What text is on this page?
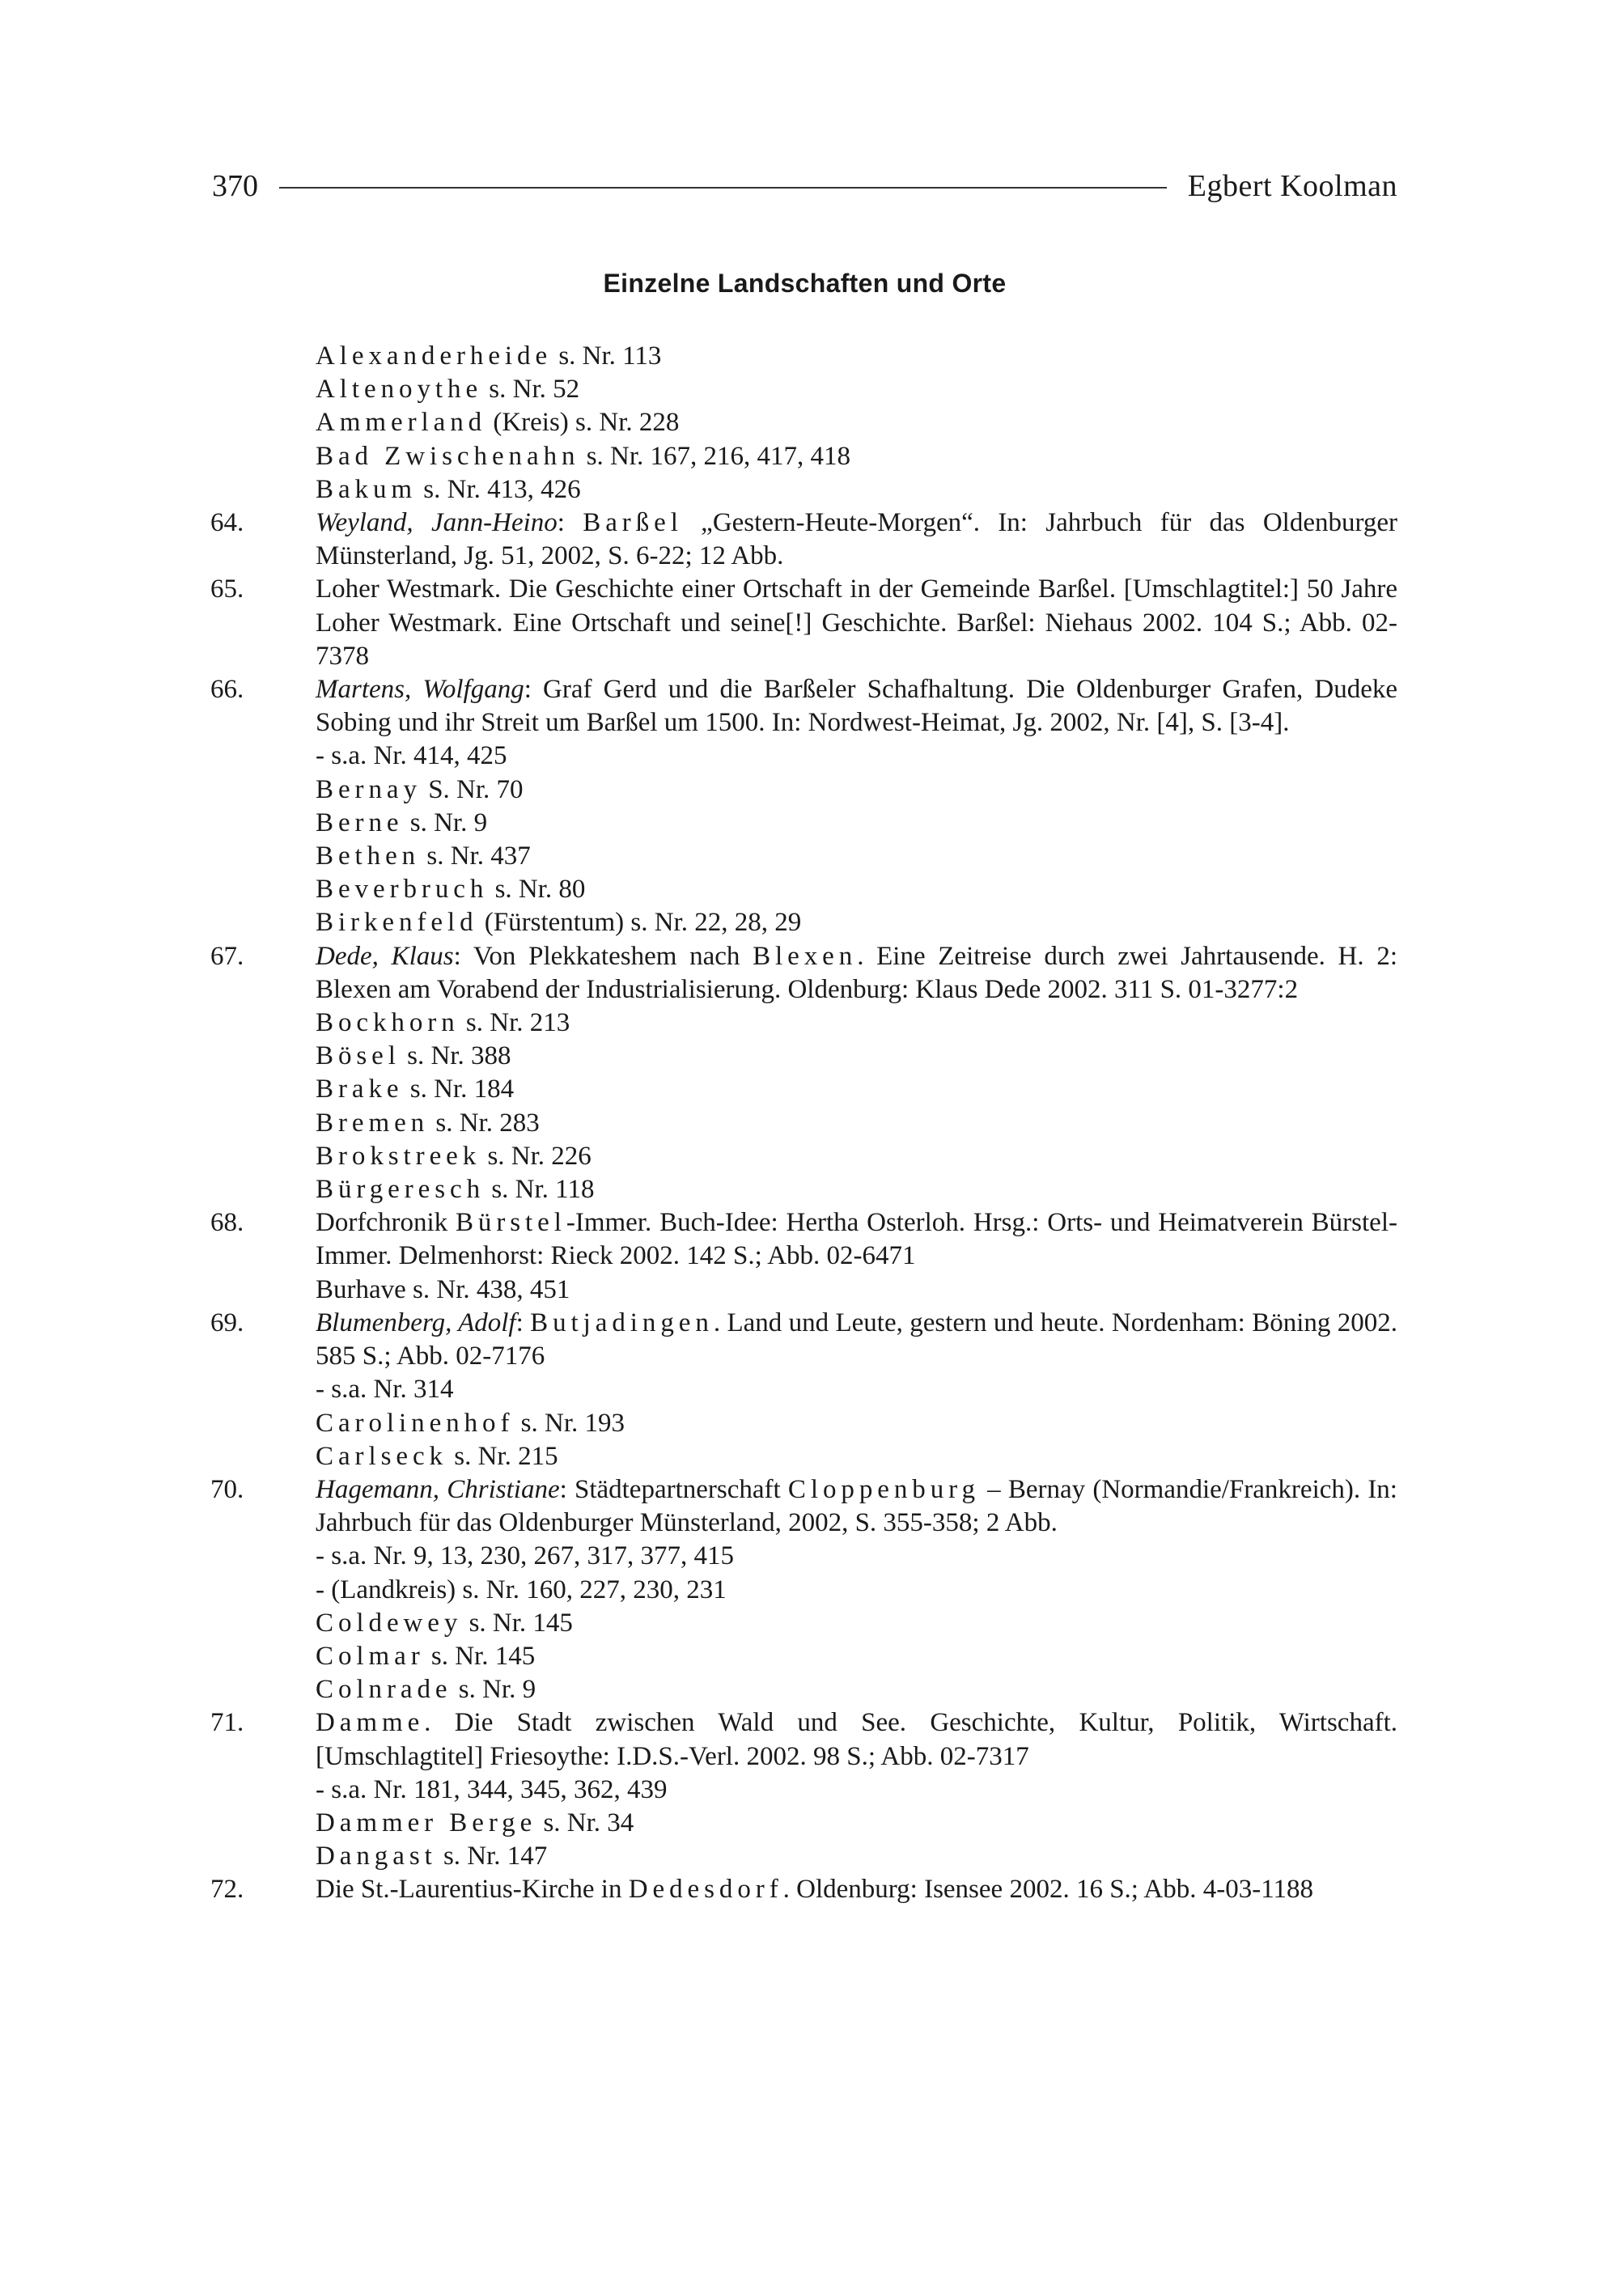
370	Egbert Koolman
Einzelne Landschaften und Orte
Alexanderheide s. Nr. 113
Altenoythe s. Nr. 52
Ammerland (Kreis) s. Nr. 228
Bad Zwischenahn s. Nr. 167, 216, 417, 418
Bakum s. Nr. 413, 426
64.	Weyland, Jann-Heino: Barßel „Gestern-Heute-Morgen“. In: Jahrbuch für das Oldenburger Münsterland, Jg. 51, 2002, S. 6-22; 12 Abb.
65.	Loher Westmark. Die Geschichte einer Ortschaft in der Gemeinde Barßel. [Umschlagtitel:] 50 Jahre Loher Westmark. Eine Ortschaft und seine[!] Geschichte. Barßel: Niehaus 2002. 104 S.; Abb. 02-7378
66.	Martens, Wolfgang: Graf Gerd und die Barßeler Schafhaltung. Die Oldenburger Grafen, Dudeke Sobing und ihr Streit um Barßel um 1500. In: Nordwest-Heimat, Jg. 2002, Nr. [4], S. [3-4].
- s.a. Nr. 414, 425
Bernay S. Nr. 70
Berne s. Nr. 9
Bethen s. Nr. 437
Beverbruch s. Nr. 80
Birkenfeld (Fürstentum) s. Nr. 22, 28, 29
67.	Dede, Klaus: Von Plekkateshem nach Blexen. Eine Zeitreise durch zwei Jahrtausende. H. 2: Blexen am Vorabend der Industrialisierung. Oldenburg: Klaus Dede 2002. 311 S. 01-3277:2
Bockhorn s. Nr. 213
Bösel s. Nr. 388
Brake s. Nr. 184
Bremen s. Nr. 283
Brokstreek s. Nr. 226
Bürgeresch s. Nr. 118
68.	Dorfchronik Bürstel-Immer. Buch-Idee: Hertha Osterloh. Hrsg.: Orts- und Heimatverein Bürstel-Immer. Delmenhorst: Rieck 2002. 142 S.; Abb. 02-6471
Burhave s. Nr. 438, 451
69.	Blumenberg, Adolf: Butjadingen. Land und Leute, gestern und heute. Nordenham: Böning 2002. 585 S.; Abb. 02-7176
- s.a. Nr. 314
Carolinenhof s. Nr. 193
Carlseck s. Nr. 215
70.	Hagemann, Christiane: Städtepartnerschaft Cloppenburg – Bernay (Normandie/Frankreich). In: Jahrbuch für das Oldenburger Münsterland, 2002, S. 355-358; 2 Abb.
- s.a. Nr. 9, 13, 230, 267, 317, 377, 415
- (Landkreis) s. Nr. 160, 227, 230, 231
Coldewey s. Nr. 145
Colmar s. Nr. 145
Colnrade s. Nr. 9
71.	Damme. Die Stadt zwischen Wald und See. Geschichte, Kultur, Politik, Wirtschaft. [Umschlagtitel] Friesoythe: I.D.S.-Verl. 2002. 98 S.; Abb. 02-7317
- s.a. Nr. 181, 344, 345, 362, 439
Dammer Berge s. Nr. 34
Dangast s. Nr. 147
72.	Die St.-Laurentius-Kirche in Dedesdorf. Oldenburg: Isensee 2002. 16 S.; Abb. 4-03-1188
